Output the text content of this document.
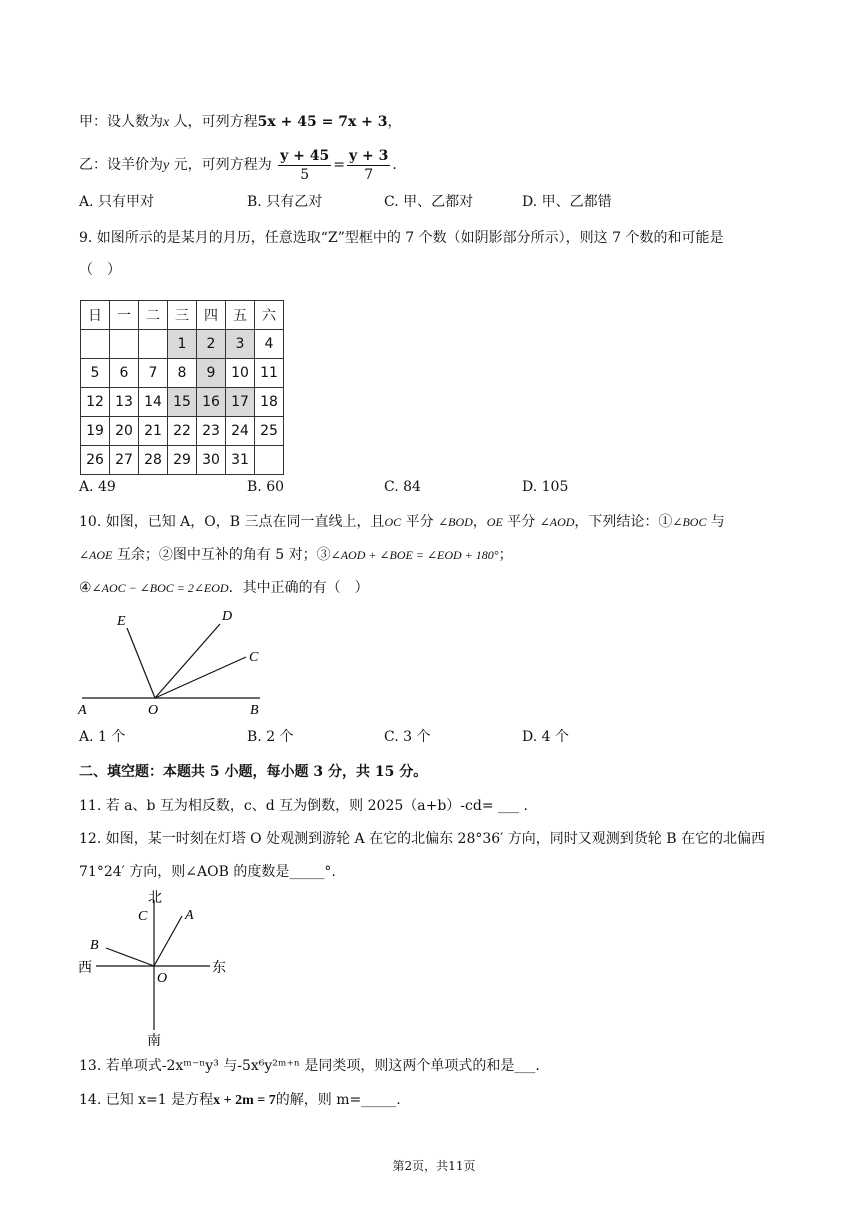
甲：设人数为x 人，可列方程5x + 45 = 7x + 3，
乙：设羊价为y 元，可列方程为 $\frac{y + 45}{5} = \frac{y + 3}{7}$ .
A. 只有甲对	B. 只有乙对	C. 甲、乙都对	D. 甲、乙都错
9. 如图所示的是某月的月历，任意选取“Z”型框中的 7 个数（如阴影部分所示），则这 7 个数的和可能是
（　）
日	一	二	三	四	五	六
			1	2	3	4
5	6	7	8	9	10	11
12	13	14	15	16	17	18
19	20	21	22	23	24	25
26	27	28	29	30	31	
A. 49	B. 60	C. 84	D. 105
10. 如图，已知 A，O，B 三点在同一直线上，且OC 平分 ∠BOD，OE 平分 ∠AOD，下列结论：①∠BOC 与
∠AOE 互余；②图中互补的角有 5 对；③∠AOD + ∠BOE = ∠EOD + 180°；
④∠AOC − ∠BOC = 2∠EOD．其中正确的有（　）
E	D
C
A	O	B
A. 1 个	B. 2 个	C. 3 个	D. 4 个
二、填空题：本题共 5 小题，每小题 3 分，共 15 分。
11. 若 a、b 互为相反数，c、d 互为倒数，则 2025（a+b）-cd= ___ .
12. 如图，某一时刻在灯塔 O 处观测到游轮 A 在它的北偏东 28°36′ 方向，同时又观测到货轮 B 在它的北偏西
71°24′ 方向，则∠AOB 的度数是_____°.
北
C	A
B
西
O
东
南
13. 若单项式-2xᵐ⁻ⁿy³ 与-5x⁶y²ᵐ⁺ⁿ 是同类项，则这两个单项式的和是___.
14. 已知 x=1 是方程x + 2m = 7的解，则 m=_____.
第2页，共11页
